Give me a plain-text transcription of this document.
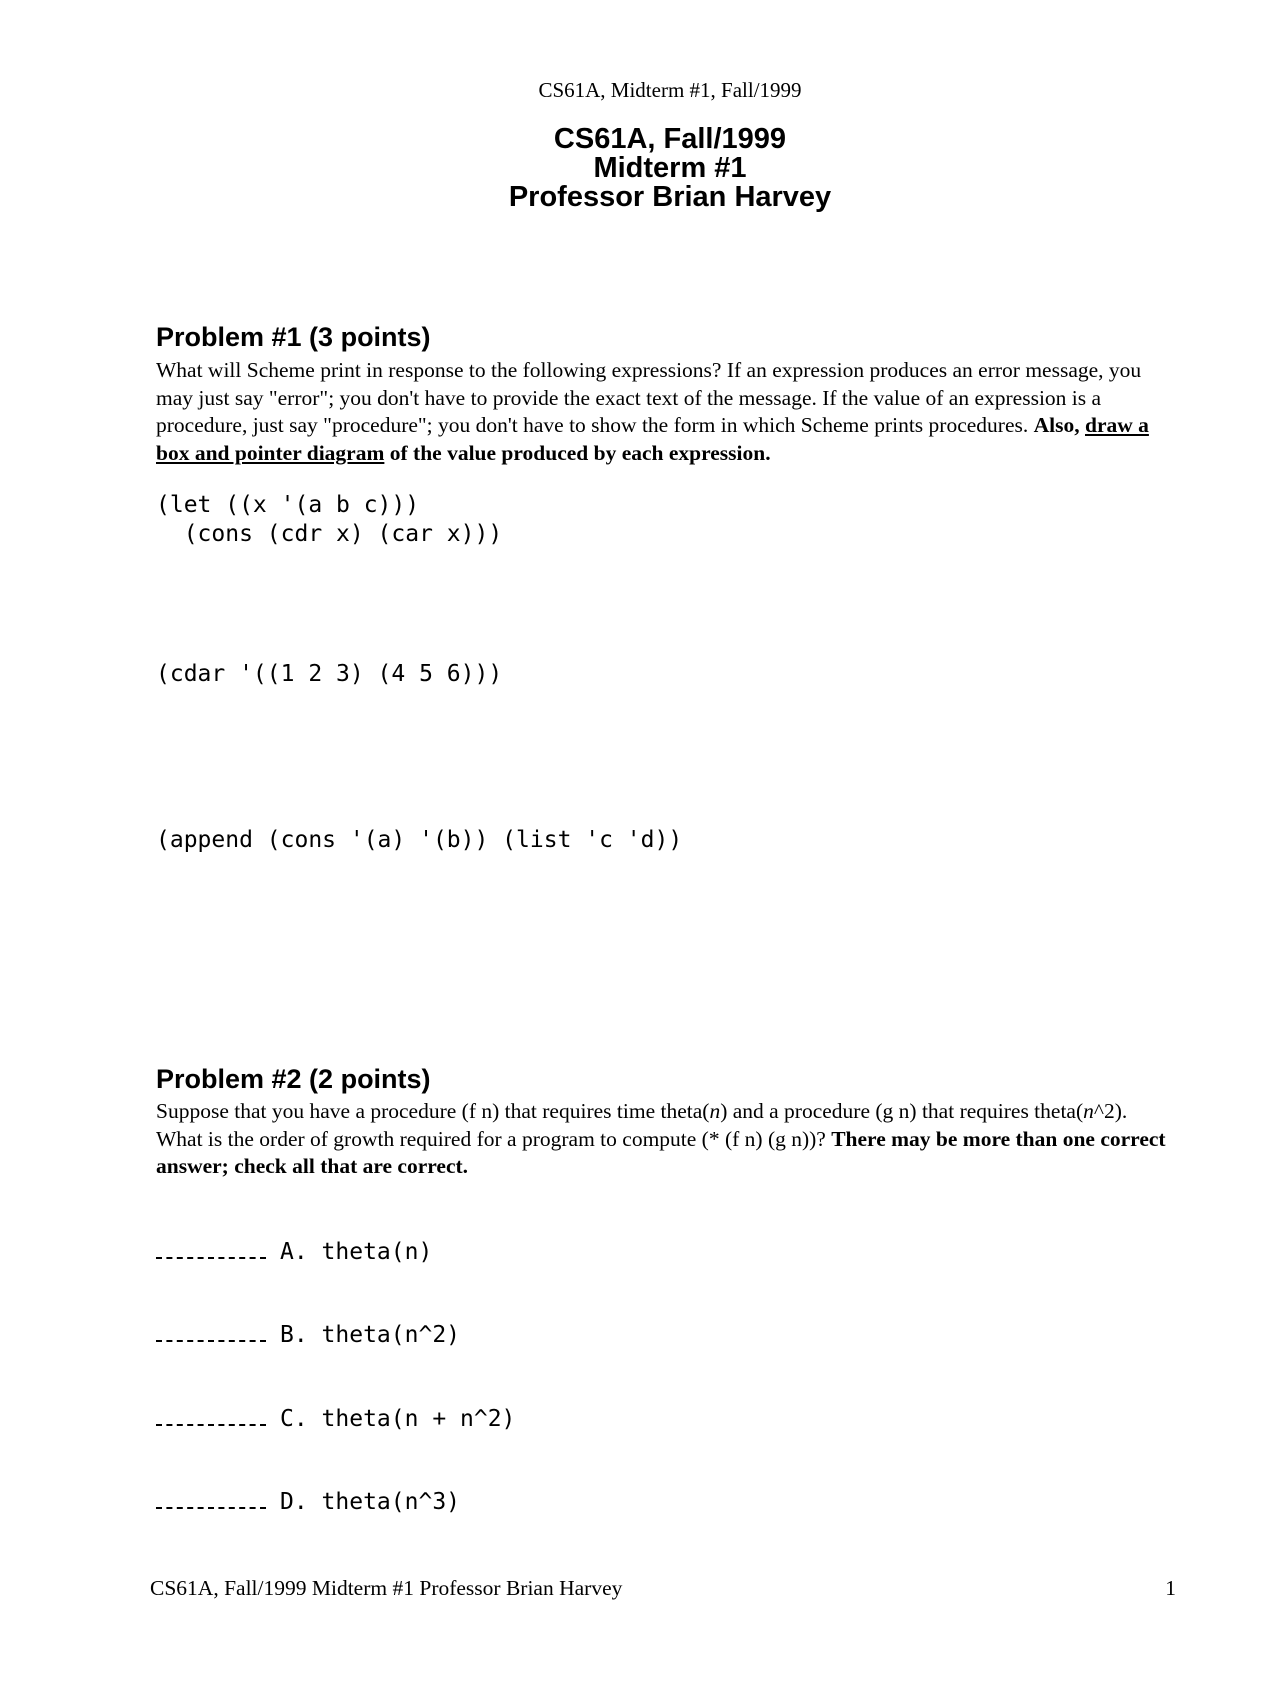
CS61A, Midterm #1, Fall/1999
CS61A, Fall/1999
Midterm #1
Professor Brian Harvey
Problem #1 (3 points)
What will Scheme print in response to the following expressions? If an expression produces an error message, you may just say "error"; you don't have to provide the exact text of the message. If the value of an expression is a procedure, just say "procedure"; you don't have to show the form in which Scheme prints procedures. Also, draw a box and pointer diagram of the value produced by each expression.
(let ((x '(a b c)))
(cons (cdr x) (car x)))
(cdar '((1 2 3) (4 5 6)))
(append (cons '(a) '(b)) (list 'c 'd))
Problem #2 (2 points)
Suppose that you have a procedure (f n) that requires time theta(n) and a procedure (g n) that requires theta(n^2). What is the order of growth required for a program to compute (* (f n) (g n))? There may be more than one correct answer; check all that are correct.
A. theta(n)
B. theta(n^2)
C. theta(n + n^2)
D. theta(n^3)
CS61A, Fall/1999 Midterm #1 Professor Brian Harvey	1
